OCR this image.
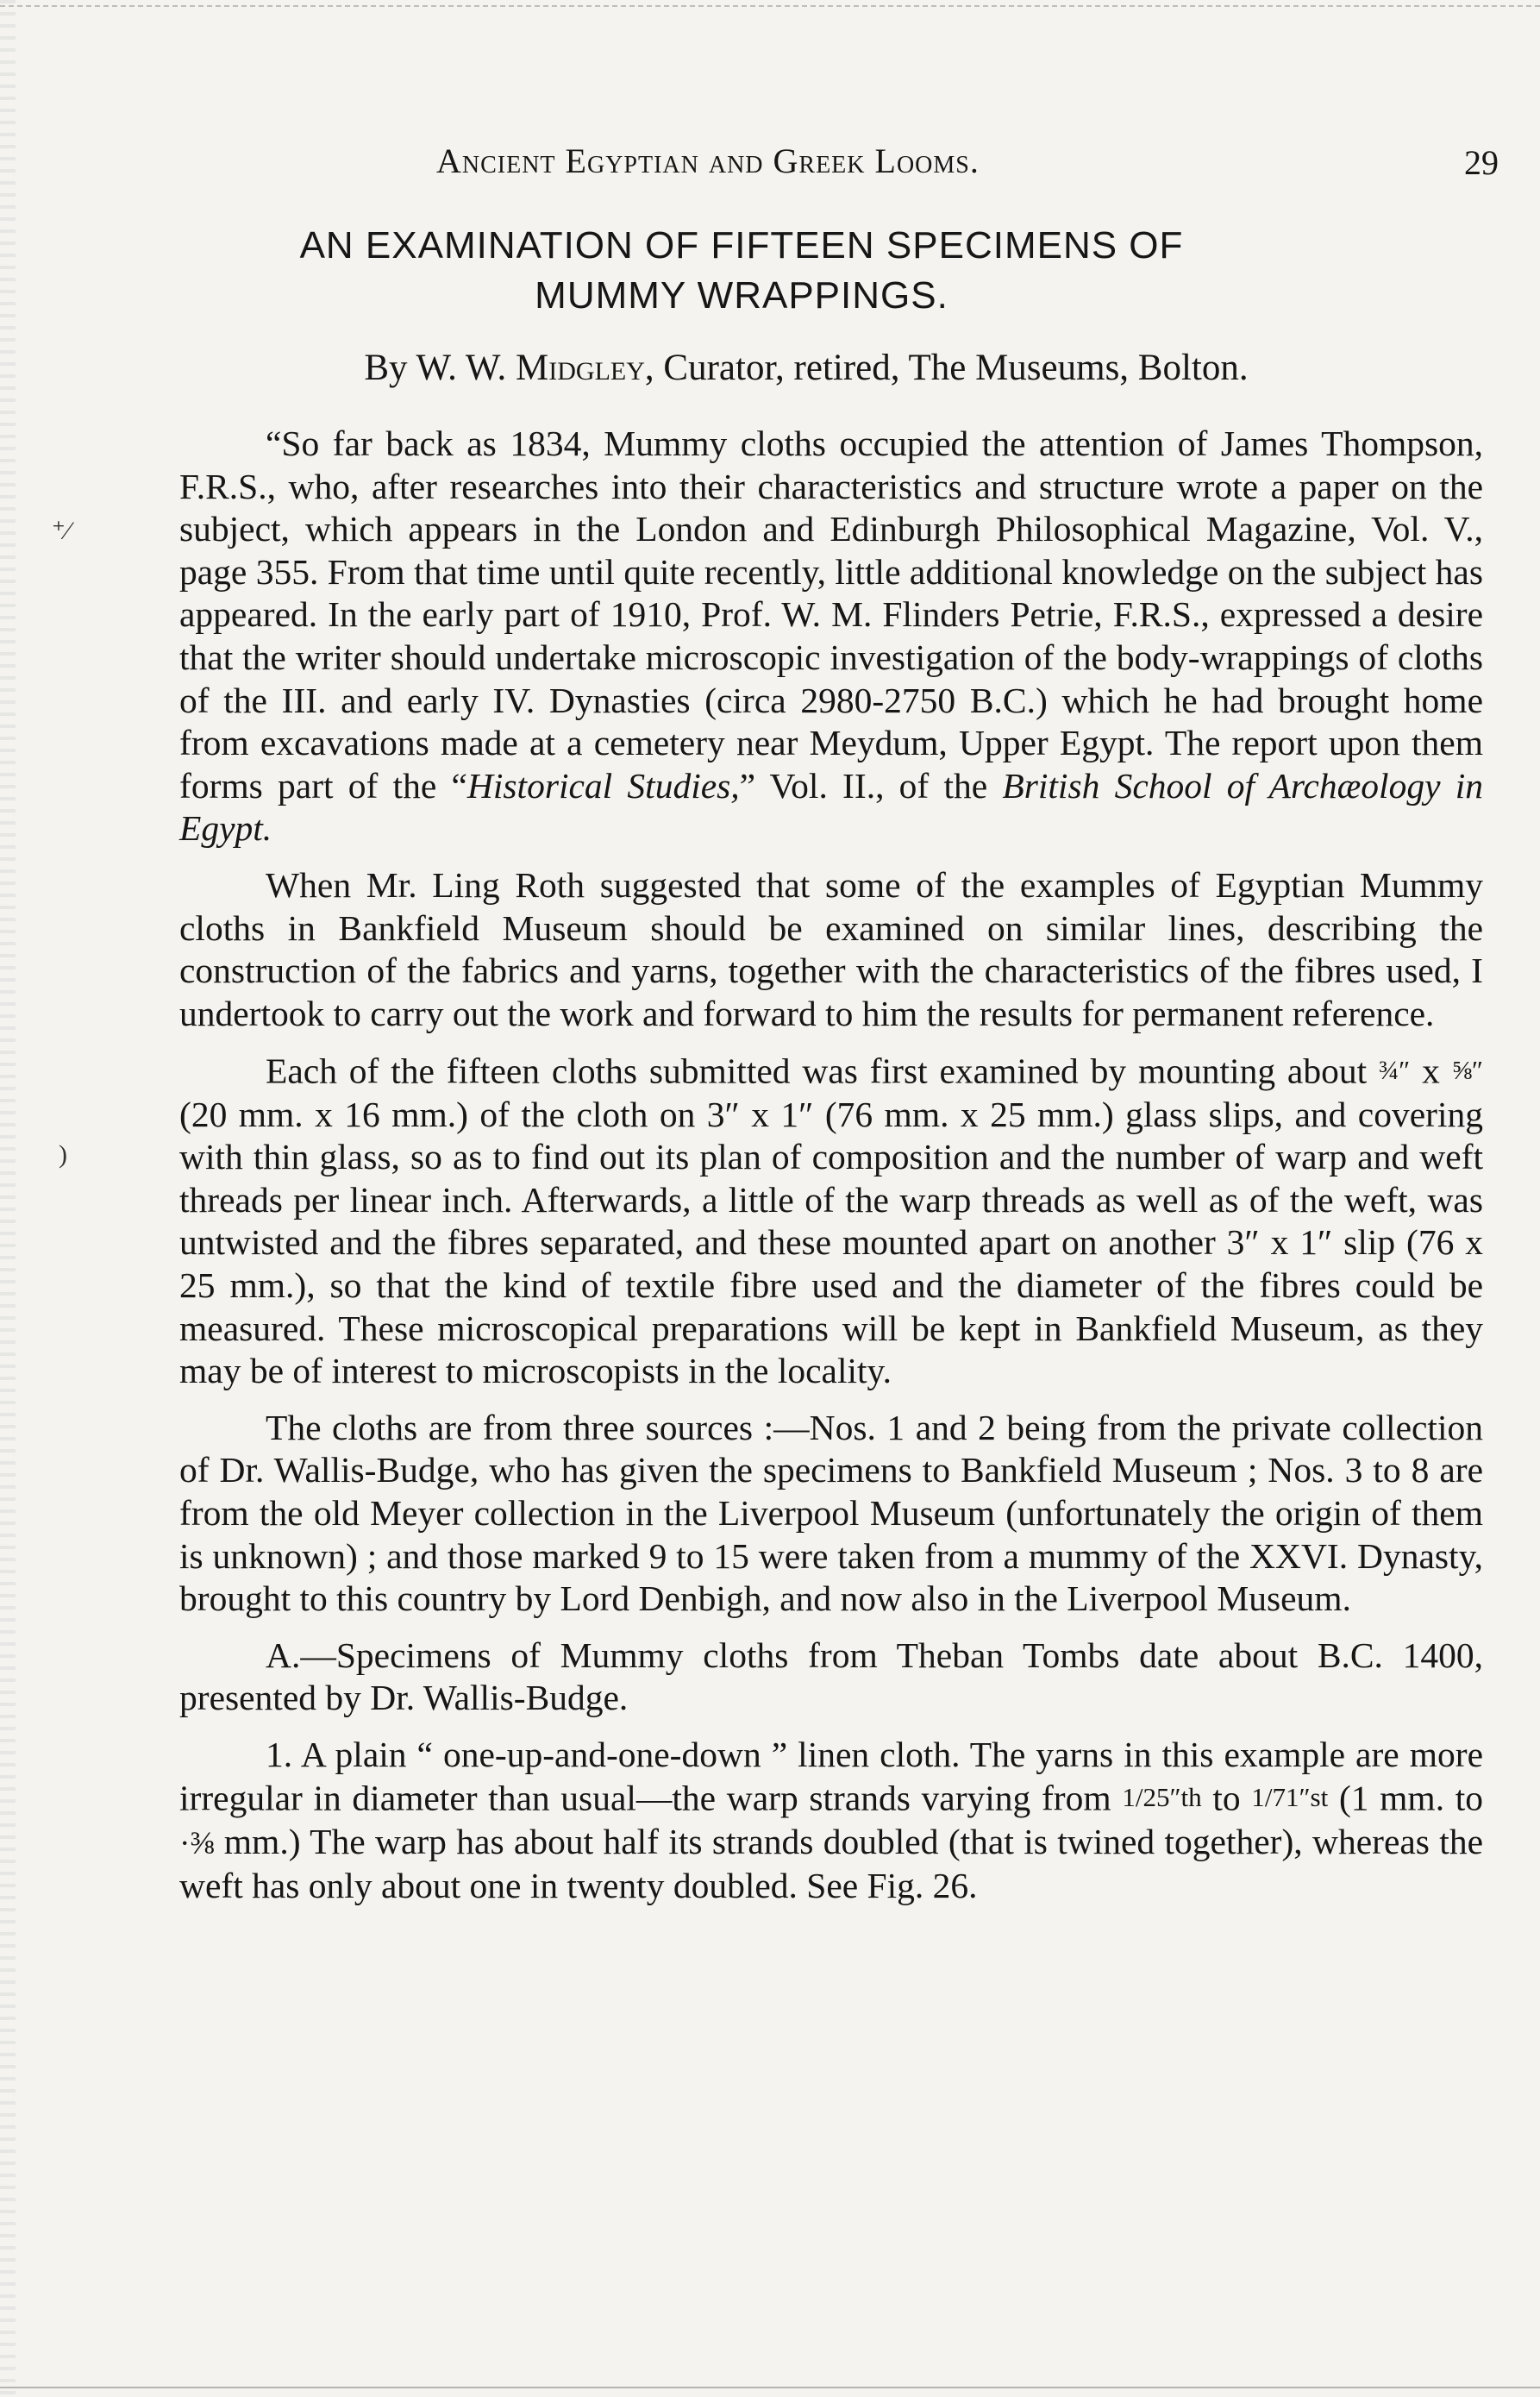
Ancient Egyptian and Greek Looms.	29
AN EXAMINATION OF FIFTEEN SPECIMENS OF MUMMY WRAPPINGS.
By W. W. Midgley, Curator, retired, The Museums, Bolton.
⁺⁄
)

“So far back as 1834, Mummy cloths occupied the attention of James Thompson, F.R.S., who, after researches into their characteristics and structure wrote a paper on the subject, which appears in the London and Edinburgh Philosophical Magazine, Vol. V., page 355. From that time until quite recently, little additional knowledge on the subject has appeared. In the early part of 1910, Prof. W. M. Flinders Petrie, F.R.S., expressed a desire that the writer should undertake microscopic investigation of the body-wrappings of cloths of the III. and early IV. Dynasties (circa 2980-2750 B.C.) which he had brought home from excavations made at a cemetery near Meydum, Upper Egypt. The report upon them forms part of the “Historical Studies,” Vol. II., of the British School of Archæology in Egypt.

When Mr. Ling Roth suggested that some of the examples of Egyptian Mummy cloths in Bankfield Museum should be examined on similar lines, describing the construction of the fabrics and yarns, together with the characteristics of the fibres used, I undertook to carry out the work and forward to him the results for permanent reference.

Each of the fifteen cloths submitted was first examined by mounting about ¾″ x ⅝″ (20 mm. x 16 mm.) of the cloth on 3″ x 1″ (76 mm. x 25 mm.) glass slips, and covering with thin glass, so as to find out its plan of composition and the number of warp and weft threads per linear inch. Afterwards, a little of the warp threads as well as of the weft, was untwisted and the fibres separated, and these mounted apart on another 3″ x 1″ slip (76 x 25 mm.), so that the kind of textile fibre used and the diameter of the fibres could be measured. These microscopical preparations will be kept in Bankfield Museum, as they may be of interest to microscopists in the locality.

The cloths are from three sources :—Nos. 1 and 2 being from the private collection of Dr. Wallis-Budge, who has given the specimens to Bankfield Museum ; Nos. 3 to 8 are from the old Meyer collection in the Liverpool Museum (unfortunately the origin of them is unknown) ; and those marked 9 to 15 were taken from a mummy of the XXVI. Dynasty, brought to this country by Lord Denbigh, and now also in the Liverpool Museum.

A.—Specimens of Mummy cloths from Theban Tombs date about B.C. 1400, presented by Dr. Wallis-Budge.

1. A plain “ one-up-and-one-down ” linen cloth. The yarns in this example are more irregular in diameter than usual—the warp strands varying from 1/25″th to 1/71″st (1 mm. to ·⅜ mm.) The warp has about half its strands doubled (that is twined together), whereas the weft has only about one in twenty doubled. See Fig. 26.
